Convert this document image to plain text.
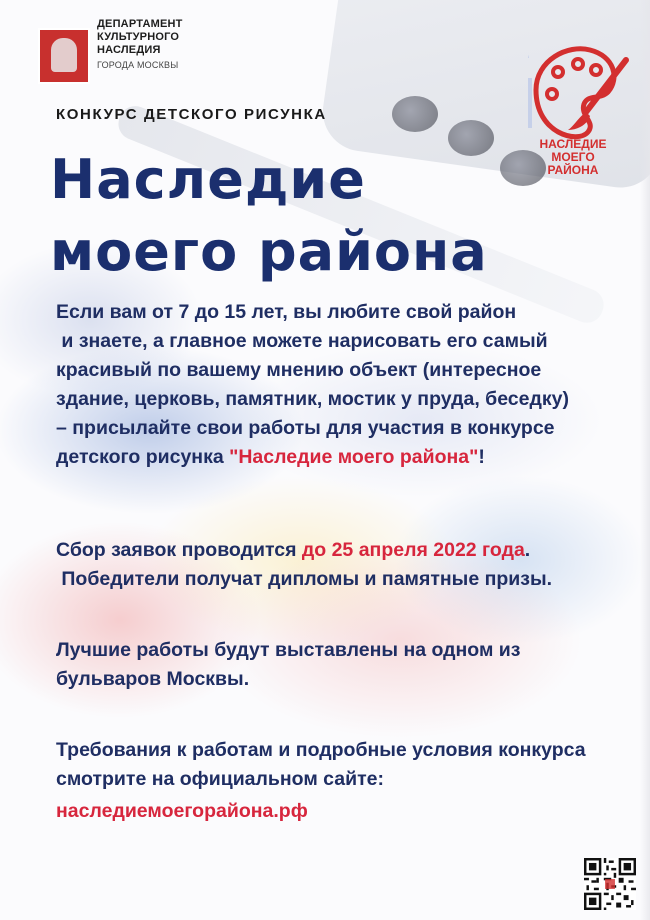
ДЕПАРТАМЕНТ
КУЛЬТУРНОГО
НАСЛЕДИЯ
ГОРОДА МОСКВЫ
НАСЛЕДИЕ
МОЕГО
РАЙОНА
КОНКУРС ДЕТСКОГО РИСУНКА
Наследие
моего района
Если вам от 7 до 15 лет, вы любите свой район
и знаете, а главное можете нарисовать его самый
красивый по вашему мнению объект (интересное
здание, церковь, памятник, мостик у пруда, беседку)
– присылайте свои работы для участия в конкурсе
детского рисунка "Наследие моего района"!
Сбор заявок проводится до 25 апреля 2022 года.
Победители получат дипломы и памятные призы.
Лучшие работы будут выставлены на одном из
бульваров Москвы.
Требования к работам и подробные условия конкурса
смотрите на официальном сайте:
наследиемоегорайона.рф
